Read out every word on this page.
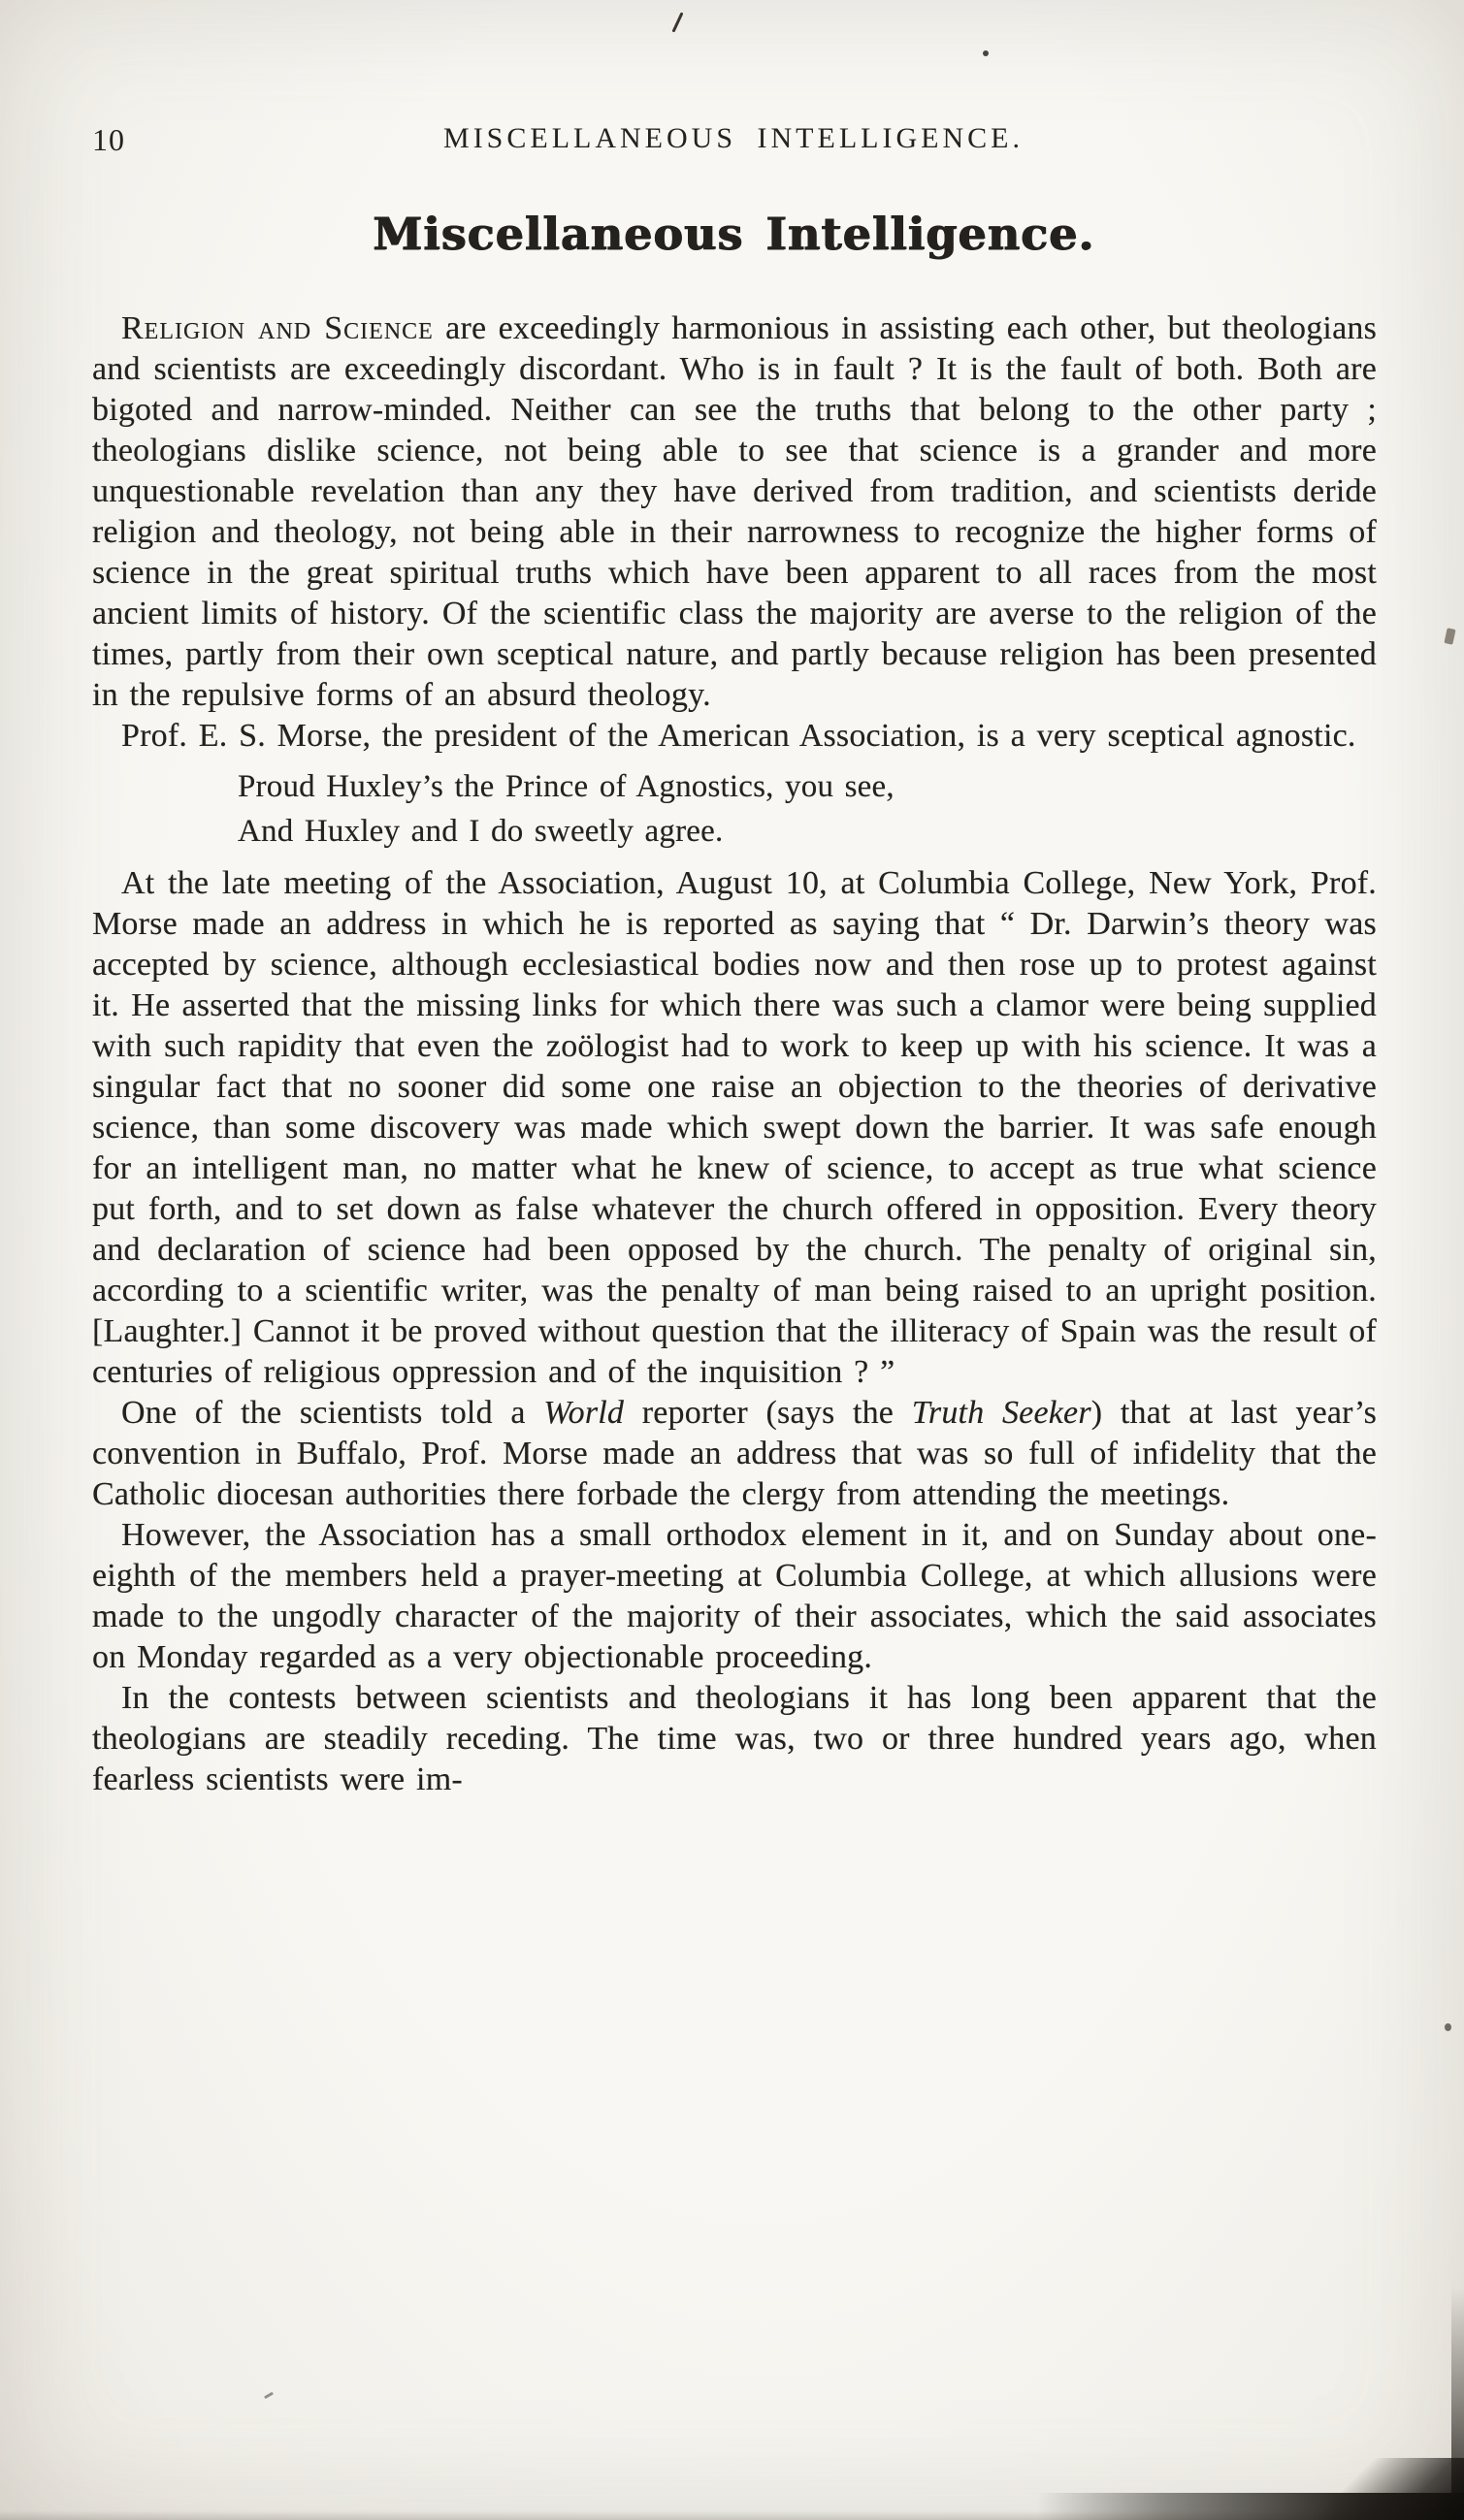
10	MISCELLANEOUS INTELLIGENCE.
Miscellaneous Intelligence.

Religion and Science are exceedingly harmonious in assisting each other, but theologians and scientists are exceedingly discordant. Who is in fault ? It is the fault of both. Both are bigoted and narrow-minded. Neither can see the truths that belong to the other party ; theologians dislike science, not being able to see that science is a grander and more unquestionable revelation than any they have derived from tradition, and scientists deride religion and theology, not being able in their narrowness to recognize the higher forms of science in the great spiritual truths which have been apparent to all races from the most ancient limits of history. Of the scientific class the majority are averse to the religion of the times, partly from their own sceptical nature, and partly because religion has been presented in the repulsive forms of an absurd theology.

Prof. E. S. Morse, the president of the American Association, is a very sceptical agnostic.

Proud Huxley’s the Prince of Agnostics, you see,
And Huxley and I do sweetly agree.

At the late meeting of the Association, August 10, at Columbia College, New York, Prof. Morse made an address in which he is reported as saying that “ Dr. Darwin’s theory was accepted by science, although ecclesiastical bodies now and then rose up to protest against it. He asserted that the missing links for which there was such a clamor were being supplied with such rapidity that even the zoölogist had to work to keep up with his science. It was a singular fact that no sooner did some one raise an objection to the theories of derivative science, than some discovery was made which swept down the barrier. It was safe enough for an intelligent man, no matter what he knew of science, to accept as true what science put forth, and to set down as false whatever the church offered in opposition. Every theory and declaration of science had been opposed by the church. The penalty of original sin, according to a scientific writer, was the penalty of man being raised to an upright position. [Laughter.] Cannot it be proved without question that the illiteracy of Spain was the result of centuries of religious oppression and of the inquisition ? ”

One of the scientists told a World reporter (says the Truth Seeker) that at last year’s convention in Buffalo, Prof. Morse made an address that was so full of infidelity that the Catholic diocesan authorities there forbade the clergy from attending the meetings.

However, the Association has a small orthodox element in it, and on Sunday about one-eighth of the members held a prayer-meeting at Columbia College, at which allusions were made to the ungodly character of the majority of their associates, which the said associates on Monday regarded as a very objectionable proceeding.

In the contests between scientists and theologians it has long been apparent that the theologians are steadily receding. The time was, two or three hundred years ago, when fearless scientists were im-
